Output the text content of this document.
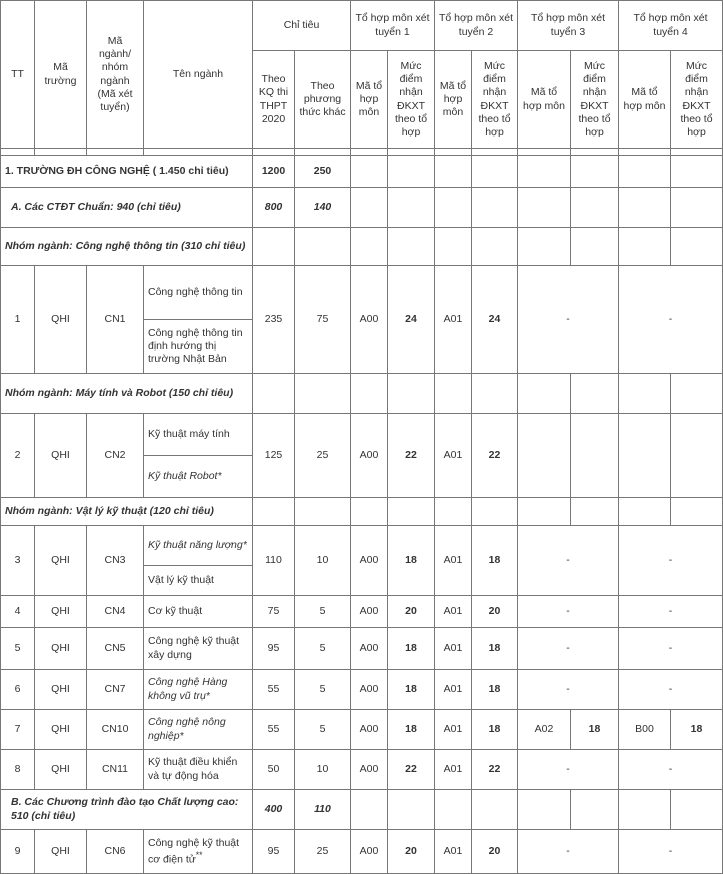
TT	Mã trường	Mã ngành/ nhóm ngành (Mã xét tuyển)	Tên ngành	Chỉ tiêu		Tổ hợp môn xét tuyển 1		Tổ hợp môn xét tuyển 2		Tổ hợp môn xét tuyển 3		Tổ hợp môn xét tuyển 4	
				Theo KQ thi THPT 2020	Theo phương thức khác	Mã tổ hợp môn	Mức điểm nhận ĐKXT theo tổ hợp	Mã tổ hợp môn	Mức điểm nhận ĐKXT theo tổ hợp	Mã tổ hợp môn	Mức điểm nhận ĐKXT theo tổ hợp	Mã tổ hợp môn	Mức điểm nhận ĐKXT theo tổ hợp

1. TRƯỜNG ĐH CÔNG NGHỆ ( 1.450 chỉ tiêu)				1200	250								
A. Các CTĐT Chuẩn: 940 (chỉ tiêu)				800	140								
Nhóm ngành: Công nghệ thông tin (310 chỉ tiêu)													
1	QHI	CN1	Công nghệ thông tin	235	75	A00	24	A01	24	-		-	
			Công nghệ thông tin định hướng thị trường Nhật Bản										
Nhóm ngành: Máy tính và Robot (150 chỉ tiêu)													
2	QHI	CN2	Kỹ thuật máy tính	125	25	A00	22	A01	22				
			Kỹ thuật Robot*										
Nhóm ngành: Vật lý kỹ thuật (120 chỉ tiêu)													
3	QHI	CN3	Kỹ thuật năng lượng*	110	10	A00	18	A01	18	-		-	
			Vật lý kỹ thuật										
4	QHI	CN4	Cơ kỹ thuật	75	5	A00	20	A01	20	-		-	
5	QHI	CN5	Công nghệ kỹ thuật xây dựng	95	5	A00	18	A01	18	-		-	
6	QHI	CN7	Công nghệ Hàng không vũ trụ*	55	5	A00	18	A01	18	-		-	
7	QHI	CN10	Công nghệ nông nghiệp*	55	5	A00	18	A01	18	A02	18	B00	18
8	QHI	CN11	Kỹ thuật điều khiển và tự động hóa	50	10	A00	22	A01	22	-		-	
B. Các Chương trình đào tạo Chất lượng cao: 510 (chỉ tiêu)				400	110								
9	QHI	CN6	Công nghệ kỹ thuật cơ điện tử**	95	25	A00	20	A01	20	-		-	
